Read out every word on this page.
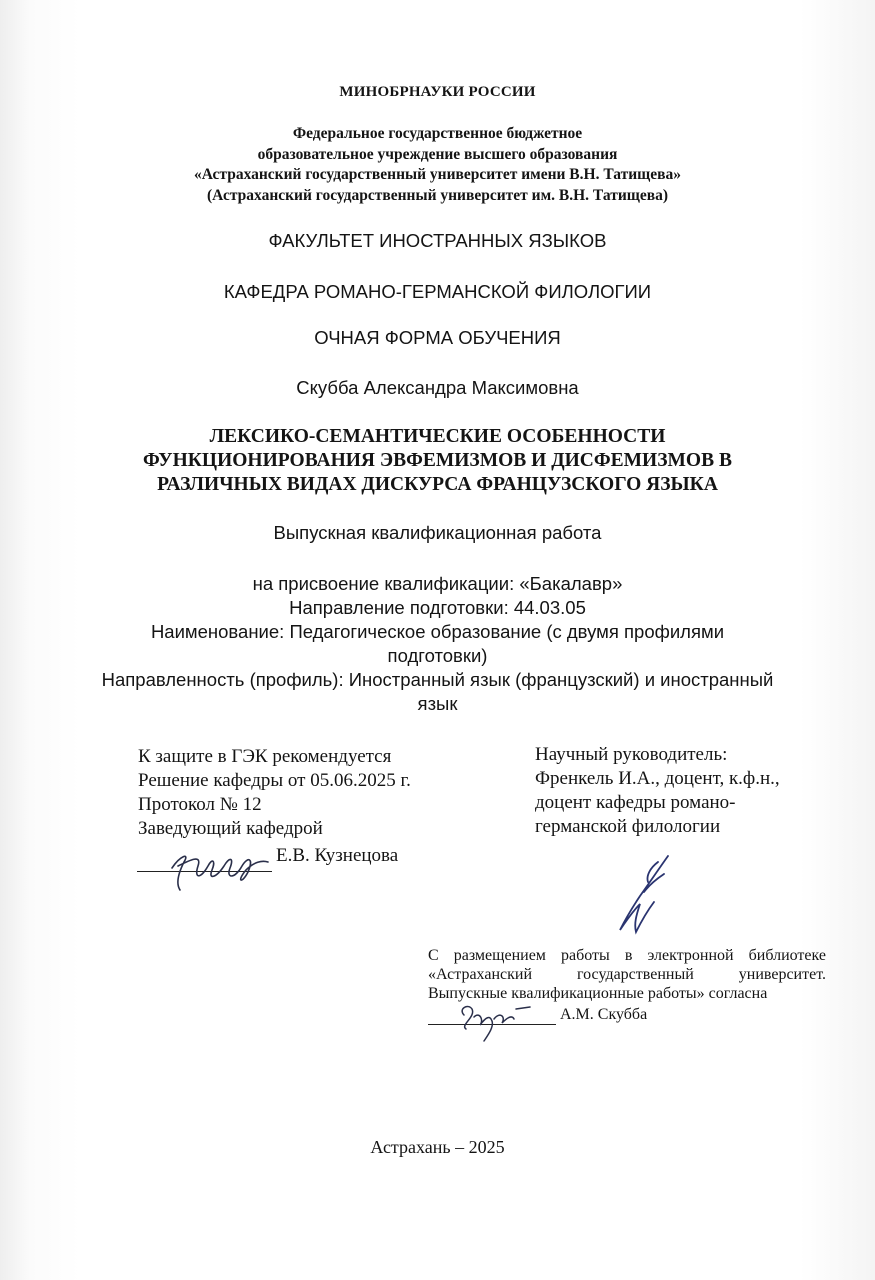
МИНОБРНАУКИ РОССИИ
Федеральное государственное бюджетное
образовательное учреждение высшего образования
«Астраханский государственный университет имени В.Н. Татищева»
(Астраханский государственный университет им. В.Н. Татищева)
ФАКУЛЬТЕТ ИНОСТРАННЫХ ЯЗЫКОВ
КАФЕДРА РОМАНО-ГЕРМАНСКОЙ ФИЛОЛОГИИ
ОЧНАЯ ФОРМА ОБУЧЕНИЯ
Скубба Александра Максимовна
ЛЕКСИКО-СЕМАНТИЧЕСКИЕ ОСОБЕННОСТИ
ФУНКЦИОНИРОВАНИЯ ЭВФЕМИЗМОВ И ДИСФЕМИЗМОВ В
РАЗЛИЧНЫХ ВИДАХ ДИСКУРСА ФРАНЦУЗСКОГО ЯЗЫКА
Выпускная квалификационная работа
на присвоение квалификации: «Бакалавр»
Направление подготовки: 44.03.05
Наименование: Педагогическое образование (с двумя профилями
подготовки)
Направленность (профиль): Иностранный язык (французский) и иностранный
язык
К защите в ГЭК рекомендуется
Решение кафедры от 05.06.2025 г.
Протокол № 12
Заведующий кафедрой
Научный руководитель:
Френкель И.А., доцент, к.ф.н.,
доцент кафедры романо-
германской филологии
Е.В. Кузнецова
С размещением работы в электронной библиотеке
«Астраханский государственный университет.
Выпускные квалификационные работы» согласна
А.М. Скубба
Астрахань – 2025
